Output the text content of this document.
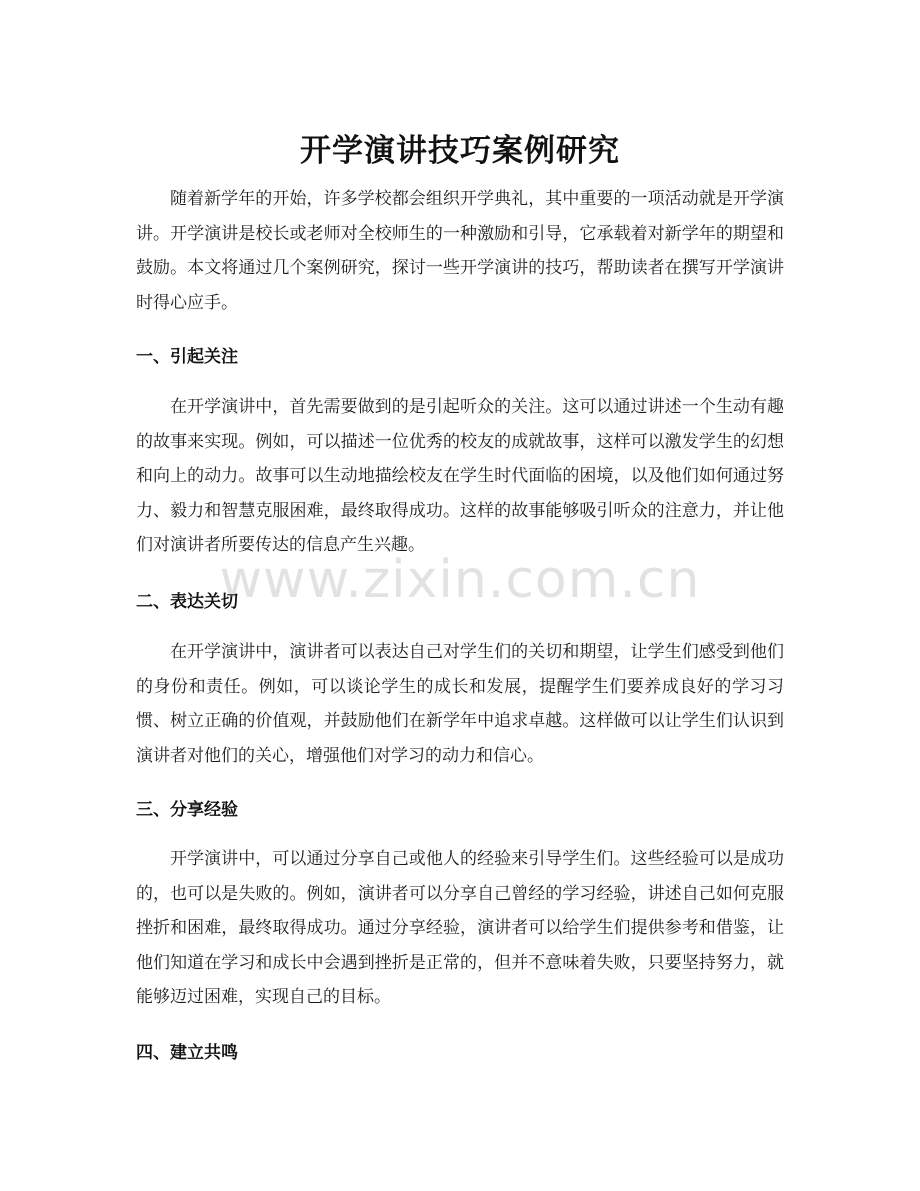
开学演讲技巧案例研究

随着新学年的开始，许多学校都会组织开学典礼，其中重要的一项活动就是开学演讲。开学演讲是校长或老师对全校师生的一种激励和引导，它承载着对新学年的期望和鼓励。本文将通过几个案例研究，探讨一些开学演讲的技巧，帮助读者在撰写开学演讲时得心应手。

一、引起关注

在开学演讲中，首先需要做到的是引起听众的关注。这可以通过讲述一个生动有趣的故事来实现。例如，可以描述一位优秀的校友的成就故事，这样可以激发学生的幻想和向上的动力。故事可以生动地描绘校友在学生时代面临的困境，以及他们如何通过努力、毅力和智慧克服困难，最终取得成功。这样的故事能够吸引听众的注意力，并让他们对演讲者所要传达的信息产生兴趣。

二、表达关切

在开学演讲中，演讲者可以表达自己对学生们的关切和期望，让学生们感受到他们的身份和责任。例如，可以谈论学生的成长和发展，提醒学生们要养成良好的学习习惯、树立正确的价值观，并鼓励他们在新学年中追求卓越。这样做可以让学生们认识到演讲者对他们的关心，增强他们对学习的动力和信心。

三、分享经验

开学演讲中，可以通过分享自己或他人的经验来引导学生们。这些经验可以是成功的，也可以是失败的。例如，演讲者可以分享自己曾经的学习经验，讲述自己如何克服挫折和困难，最终取得成功。通过分享经验，演讲者可以给学生们提供参考和借鉴，让他们知道在学习和成长中会遇到挫折是正常的，但并不意味着失败，只要坚持努力，就能够迈过困难，实现自己的目标。

四、建立共鸣
www.zixin.com.cn
